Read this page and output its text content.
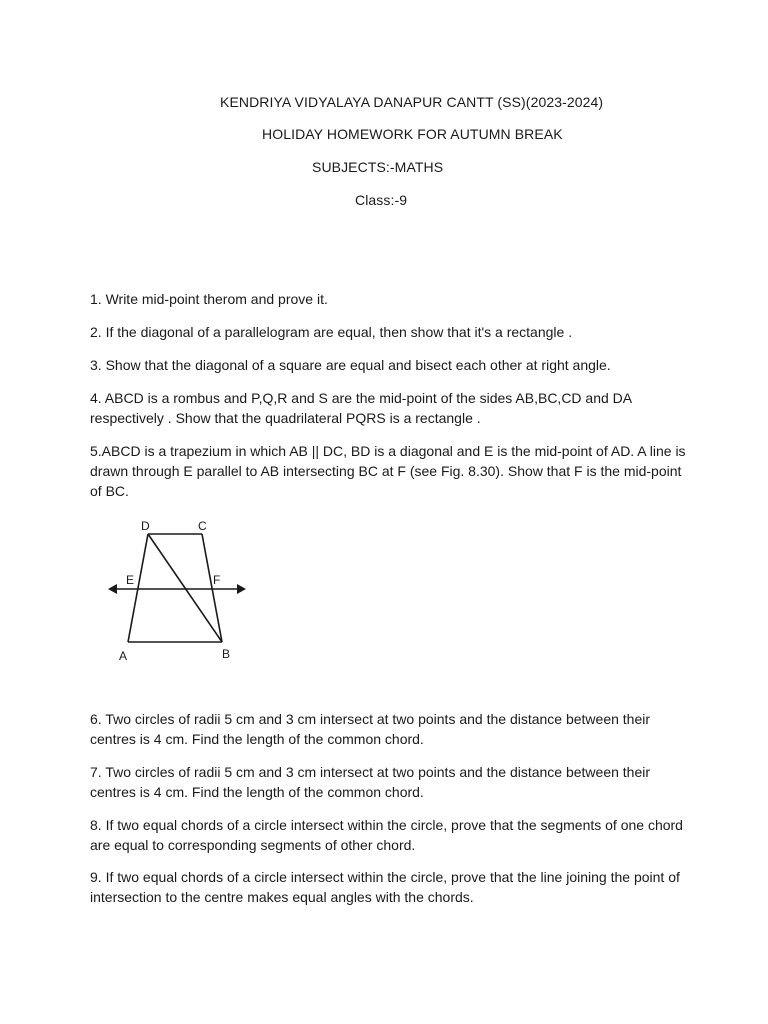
KENDRIYA VIDYALAYA DANAPUR CANTT (SS)(2023-2024)
HOLIDAY HOMEWORK FOR AUTUMN BREAK
SUBJECTS:-MATHS
Class:-9

1. Write mid-point therom and prove it.

2. If the diagonal of a parallelogram are equal, then show that it's a rectangle .

3. Show that the diagonal of a square are equal and bisect each other at right angle.

4. ABCD is a rombus and P,Q,R and S are the mid-point of the sides AB,BC,CD and DA respectively . Show that the quadrilateral PQRS is a rectangle .

5.ABCD is a trapezium in which AB || DC, BD is a diagonal and E is the mid-point of AD. A line is drawn through E parallel to AB intersecting BC at F (see Fig. 8.30). Show that F is the mid-point of BC.

D	C
E	F
A	B

6. Two circles of radii 5 cm and 3 cm intersect at two points and the distance between their centres is 4 cm. Find the length of the common chord.

7. Two circles of radii 5 cm and 3 cm intersect at two points and the distance between their centres is 4 cm. Find the length of the common chord.

8. If two equal chords of a circle intersect within the circle, prove that the segments of one chord are equal to corresponding segments of other chord.

9. If two equal chords of a circle intersect within the circle, prove that the line joining the point of intersection to the centre makes equal angles with the chords.
